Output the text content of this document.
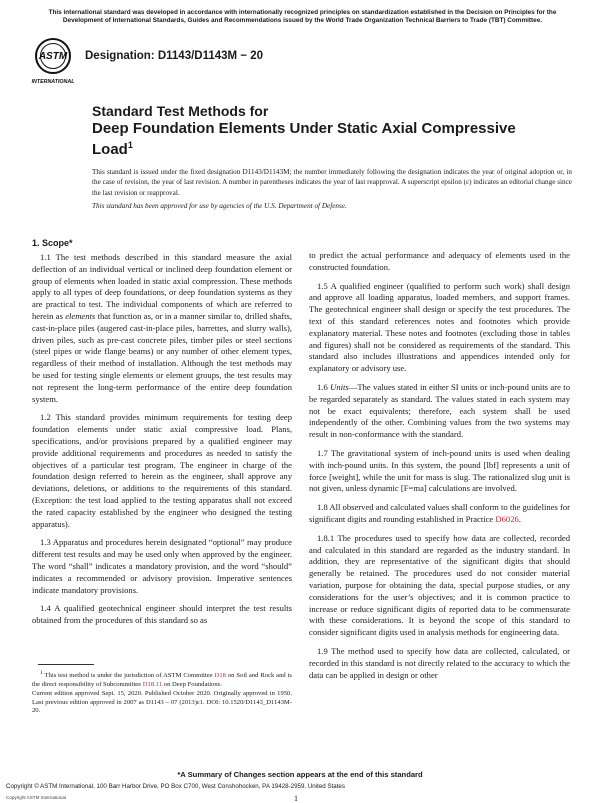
This international standard was developed in accordance with internationally recognized principles on standardization established in the Decision on Principles for the Development of International Standards, Guides and Recommendations issued by the World Trade Organization Technical Barriers to Trade (TBT) Committee.
ASTM
INTERNATIONAL
Designation: D1143/D1143M − 20
Standard Test Methods for
Deep Foundation Elements Under Static Axial Compressive Load$^1$
This standard is issued under the fixed designation D1143/D1143M; the number immediately following the designation indicates the year of original adoption or, in the case of revision, the year of last revision. A number in parentheses indicates the year of last reapproval. A superscript epsilon (ε) indicates an editorial change since the last revision or reapproval.
This standard has been approved for use by agencies of the U.S. Department of Defense.
1. Scope*

1.1 The test methods described in this standard measure the axial deflection of an individual vertical or inclined deep foundation element or group of elements when loaded in static axial compression. These methods apply to all types of deep foundations, or deep foundation systems as they are practical to test. The individual components of which are referred to herein as elements that function as, or in a manner similar to, drilled shafts, cast-in-place piles (augered cast-in-place piles, barrettes, and slurry walls), driven piles, such as pre-cast concrete piles, timber piles or steel sections (steel pipes or wide flange beams) or any number of other element types, regardless of their method of installation. Although the test methods may be used for testing single elements or element groups, the test results may not represent the long-term performance of the entire deep foundation system.

1.2 This standard provides minimum requirements for testing deep foundation elements under static axial compressive load. Plans, specifications, and/or provisions prepared by a qualified engineer may provide additional requirements and procedures as needed to satisfy the objectives of a particular test program. The engineer in charge of the foundation design referred to herein as the engineer, shall approve any deviations, deletions, or additions to the requirements of this standard. (Exception: the test load applied to the testing apparatus shall not exceed the rated capacity established by the engineer who designed the testing apparatus).

1.3 Apparatus and procedures herein designated “optional” may produce different test results and may be used only when approved by the engineer. The word “shall” indicates a mandatory provision, and the word “should” indicates a recommended or advisory provision. Imperative sentences indicate mandatory provisions.

1.4 A qualified geotechnical engineer should interpret the test results obtained from the procedures of this standard so as

to predict the actual performance and adequacy of elements used in the constructed foundation.

1.5 A qualified engineer (qualified to perform such work) shall design and approve all loading apparatus, loaded members, and support frames. The geotechnical engineer shall design or specify the test procedures. The text of this standard references notes and footnotes which provide explanatory material. These notes and footnotes (excluding those in tables and figures) shall not be considered as requirements of the standard. This standard also includes illustrations and appendices intended only for explanatory or advisory use.

1.6 Units—The values stated in either SI units or inch-pound units are to be regarded separately as standard. The values stated in each system may not be exact equivalents; therefore, each system shall be used independently of the other. Combining values from the two systems may result in non-conformance with the standard.

1.7 The gravitational system of inch-pound units is used when dealing with inch-pound units. In this system, the pound [lbf] represents a unit of force [weight], while the unit for mass is slug. The rationalized slug unit is not given, unless dynamic [F=ma] calculations are involved.

1.8 All observed and calculated values shall conform to the guidelines for significant digits and rounding established in Practice D6026.

1.8.1 The procedures used to specify how data are collected, recorded and calculated in this standard are regarded as the industry standard. In addition, they are representative of the significant digits that should generally be retained. The procedures used do not consider material variation, purpose for obtaining the data, special purpose studies, or any considerations for the user’s objectives; and it is common practice to increase or reduce significant digits of reported data to be commensurate with these considerations. It is beyond the scope of this standard to consider significant digits used in analysis methods for engineering data.

1.9 The method used to specify how data are collected, calculated, or recorded in this standard is not directly related to the accuracy to which the data can be applied in design or other

$^1$ This test method is under the jurisdiction of ASTM Committee D18 on Soil and Rock and is the direct responsibility of Subcommittee D18.11 on Deep Foundations.
Current edition approved Sept. 15, 2020. Published October 2020. Originally approved in 1950. Last previous edition approved in 2007 as D1143 – 07 (2013)ε1. DOI: 10.1520/D1143_D1143M-20.
*A Summary of Changes section appears at the end of this standard
Copyright © ASTM International, 100 Barr Harbor Drive, PO Box C700, West Conshohocken, PA 19428-2959. United States
Copyright ASTM International	1
